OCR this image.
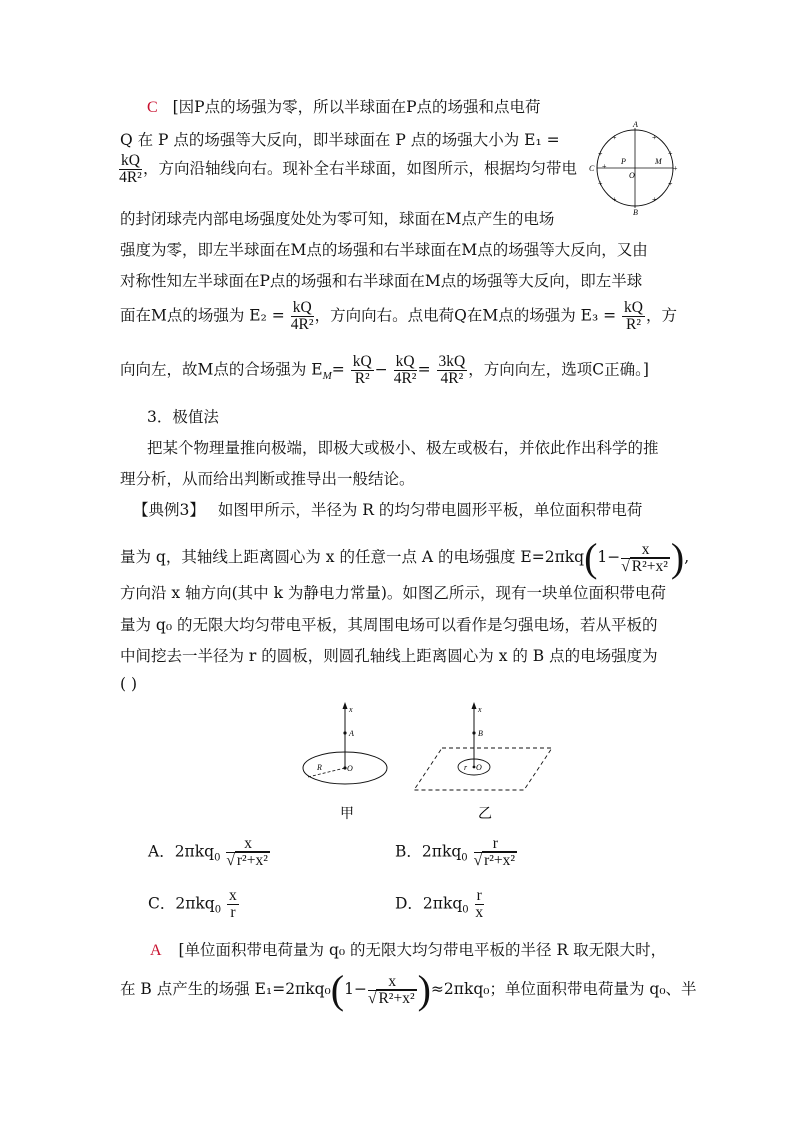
C [因P点的场强为零，所以半球面在P点的场强和点电荷
Q 在 P 点的场强等大反向，即半球面在 P 点的场强大小为 E₁ =
$\frac{kQ}{\text{4R²}}$ ，方向沿轴线向右。现补全右半球面，如图所示，根据均匀带电
的封闭球壳内部电场强度处处为零可知，球面在M点产生的电场
强度为零，即左半球面在M点的场强和右半球面在M点的场强等大反向，又由
对称性知左半球面在P点的场强和右半球面在M点的场强等大反向，即左半球
面在M点的场强为 $E_2 = \frac{kQ}{\text{4R²}}$ ，方向向右。点电荷Q在M点的场强为 $E_3 = \frac{kQ}{\text{R²}}$ ，方
向向左，故M点的合场强为 $E_M= \frac{kQ}{\text{R²}} - \frac{kQ}{\text{4R²}} = \frac{3kQ}{\text{4R²}}$ ，方向向左，选项C正确。]
A
B
C
P
O
M
+	+
+	+
+	+
+	+
+	+
3．极值法
把某个物理量推向极端，即极大或极小、极左或极右，并依此作出科学的推
理分析，从而给出判断或推导出一般结论。
【典例3】 如图甲所示，半径为 R 的均匀带电圆形平板，单位面积带电荷
量为 q，其轴线上距离圆心为 x 的任意一点 A 的电场强度 $E=2\pi kq(1- \frac{x}{\text{√ R²+x²}}$ ),
方向沿 x 轴方向(其中 k 为静电力常量)。如图乙所示，现有一块单位面积带电荷
量为 q₀ 的无限大均匀带电平板，其周围电场可以看作是匀强电场，若从平板的
中间挖去一半径为 r 的圆板，则圆孔轴线上距离圆心为 x 的 B 点的电场强度为
( )
x
A
O
R
甲
x
B
O
r
乙
A．$2\pi kq_0 \frac{x}{\text{√ r²+x²}}$	B．$2\pi kq_0 \frac{r}{\text{√ r²+x²}}$
C．$2\pi kq_0 \frac{x}{r}$	D．$2\pi kq_0 \frac{r}{x}$
A [单位面积带电荷量为 q₀ 的无限大均匀带电平板的半径 R 取无限大时，
在 B 点产生的场强 $E_1=2\pi kq_0(1- \frac{x}{\text{√ R²+x²}} )\approx 2\pi kq_0$；单位面积带电荷量为 q₀、半
